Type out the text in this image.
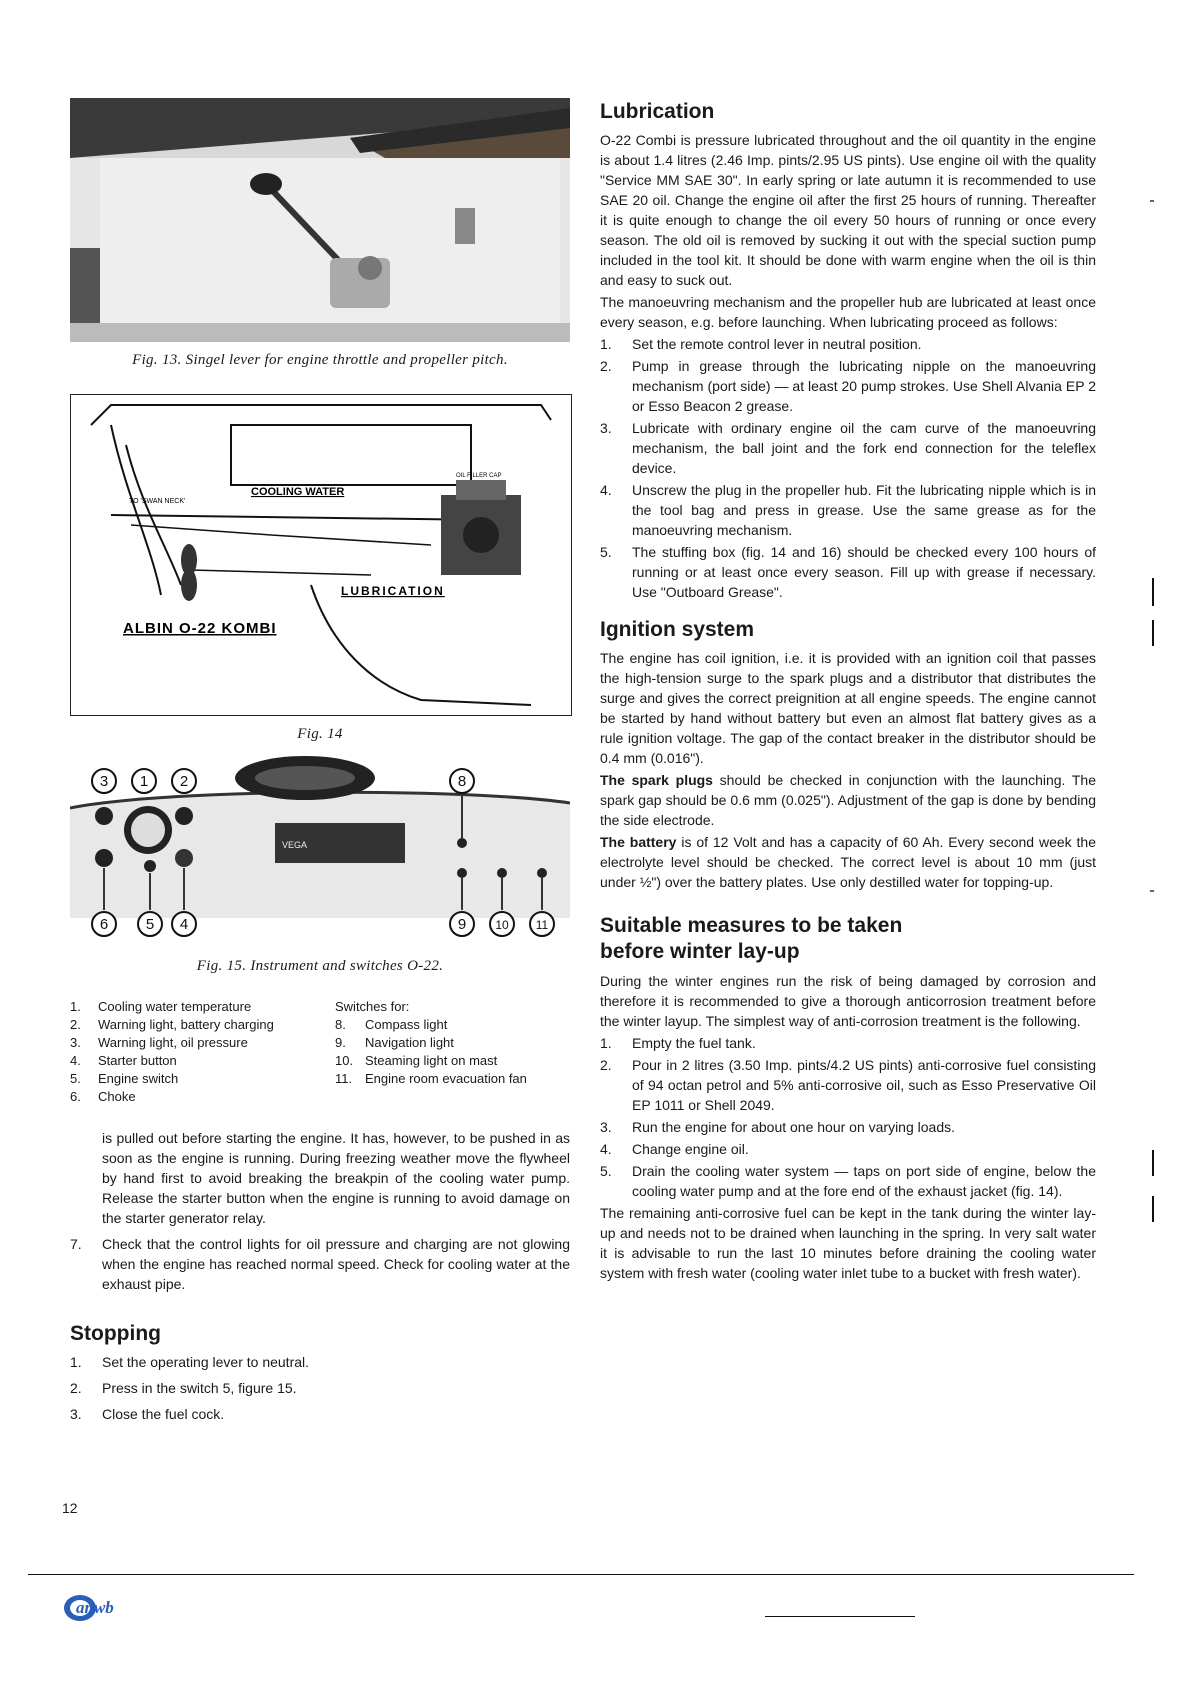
Fig. 13. Singel lever for engine throttle and propeller pitch.

COOLING WATER
TO 'SWAN NECK'
OIL FILLER CAP
LUBRICATION
ALBIN O-22 KOMBI

Fig. 14

VEGA
3 1 2	8
6	5 4	9 10 11

Fig. 15. Instrument and switches O-22.

1.	Cooling water temperature
2.	Warning light, battery charging
3.	Warning light, oil pressure
4.	Starter button
5.	Engine switch
6.	Choke
Switches for:
8.	Compass light
9.	Navigation light
10. Steaming light on mast
11. Engine room evacuation fan

is pulled out before starting the engine. It has, however, to be pushed in as soon as the engine is running. During freezing weather move the flywheel by hand first to avoid breaking the breakpin of the cooling water pump. Release the starter button when the engine is running to avoid damage on the starter generator relay.

7. Check that the control lights for oil pressure and charging are not glowing when the engine has reached normal speed. Check for cooling water at the exhaust pipe.
Stopping
1. Set the operating lever to neutral.
2. Press in the switch 5, figure 15.
3. Close the fuel cock.
Lubrication

O-22 Combi is pressure lubricated throughout and the oil quantity in the engine is about 1.4 litres (2.46 Imp. pints/2.95 US pints). Use engine oil with the quality "Service MM SAE 30". In early spring or late autumn it is recommended to use SAE 20 oil. Change the engine oil after the first 25 hours of running. Thereafter it is quite enough to change the oil every 50 hours of running or once every season. The old oil is removed by sucking it out with the special suction pump included in the tool kit. It should be done with warm engine when the oil is thin and easy to suck out.

The manoeuvring mechanism and the propeller hub are lubricated at least once every season, e.g. before launching. When lubricating proceed as follows:

1. Set the remote control lever in neutral position.
2. Pump in grease through the lubricating nipple on the manoeuvring mechanism (port side) — at least 20 pump strokes. Use Shell Alvania EP 2 or Esso Beacon 2 grease.
3. Lubricate with ordinary engine oil the cam curve of the manoeuvring mechanism, the ball joint and the fork end connection for the teleflex device.
4. Unscrew the plug in the propeller hub. Fit the lubricating nipple which is in the tool bag and press in grease. Use the same grease as for the manoeuvring mechanism.
5. The stuffing box (fig. 14 and 16) should be checked every 100 hours of running or at least once every season. Fill up with grease if necessary. Use "Outboard Grease".
Ignition system

The engine has coil ignition, i.e. it is provided with an ignition coil that passes the high-tension surge to the spark plugs and a distributor that distributes the surge and gives the correct preignition at all engine speeds. The engine cannot be started by hand without battery but even an almost flat battery gives as a rule ignition voltage. The gap of the contact breaker in the distributor should be 0.4 mm (0.016").

The spark plugs should be checked in conjunction with the launching. The spark gap should be 0.6 mm (0.025"). Adjustment of the gap is done by bending the side electrode.

The battery is of 12 Volt and has a capacity of 60 Ah. Every second week the electrolyte level should be checked. The correct level is about 10 mm (just under ½") over the battery plates. Use only destilled water for topping-up.

Suitable measures to be taken
before winter lay-up

During the winter engines run the risk of being damaged by corrosion and therefore it is recommended to give a thorough anticorrosion treatment before the winter layup. The simplest way of anti-corrosion treatment is the following.

1. Empty the fuel tank.
2. Pour in 2 litres (3.50 Imp. pints/4.2 US pints) anti-corrosive fuel consisting of 94 octan petrol and 5% anti-corrosive oil, such as Esso Preservative Oil EP 1011 or Shell 2049.
3. Run the engine for about one hour on varying loads.
4. Change engine oil.
5. Drain the cooling water system — taps on port side of engine, below the cooling water pump and at the fore end of the exhaust jacket (fig. 14).

The remaining anti-corrosive fuel can be kept in the tank during the winter lay-up and needs not to be drained when launching in the spring. In very salt water it is advisable to run the last 10 minutes before draining the cooling water system with fresh water (cooling water inlet tube to a bucket with fresh water).

12
anwb
